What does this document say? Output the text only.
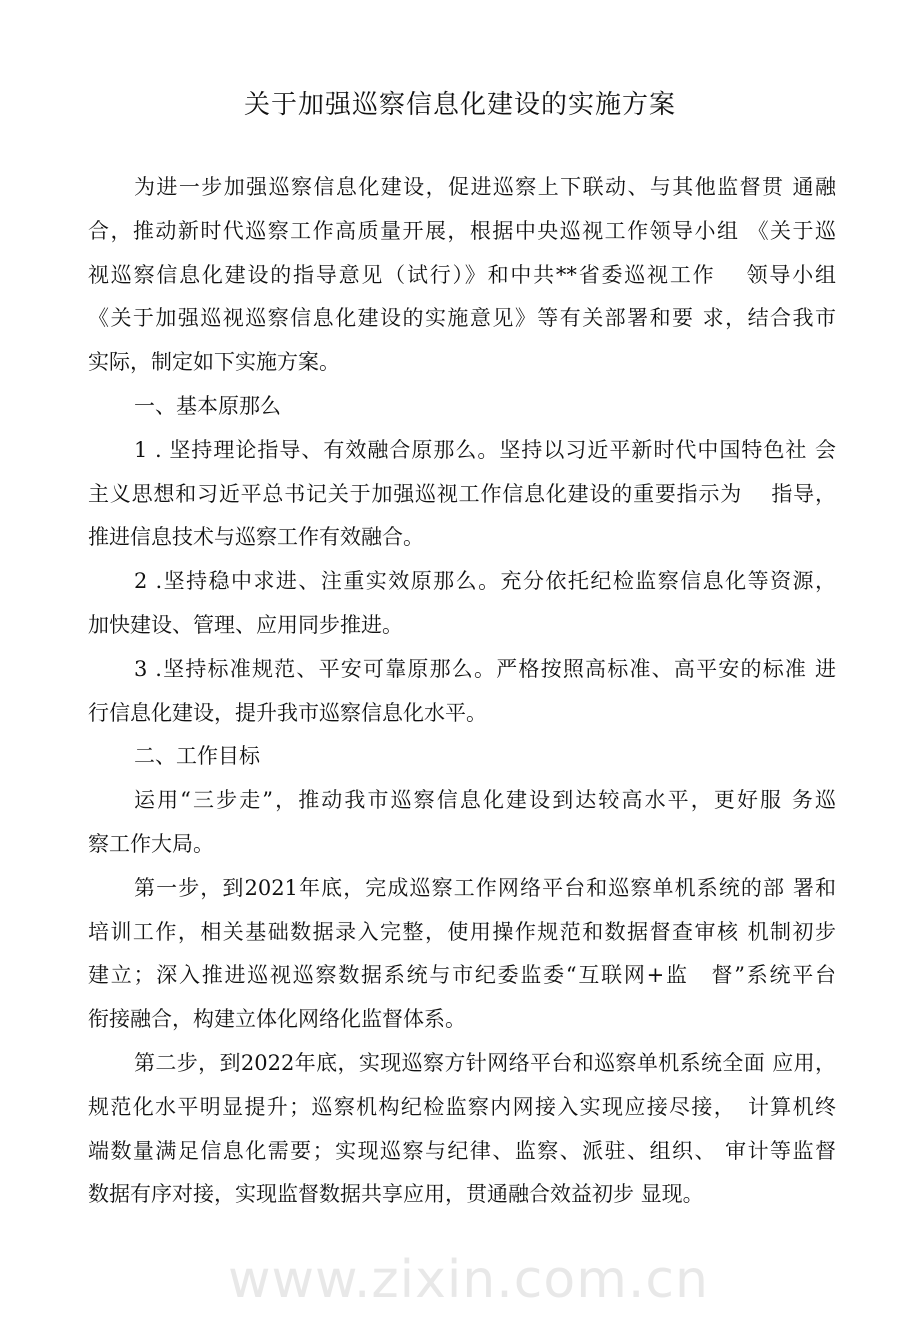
关于加强巡察信息化建设的实施方案
为进一步加强巡察信息化建设，促进巡察上下联动、与其他监督贯 通融
合，推动新时代巡察工作高质量开展，根据中央巡视工作领导小组 《关于巡
视巡察信息化建设的指导意见（试行）》和中共**省委巡视工作　 领导小组
《关于加强巡视巡察信息化建设的实施意见》等有关部署和要 求，结合我市
实际，制定如下实施方案。
一、基本原那么
1 . 坚持理论指导、有效融合原那么。坚持以习近平新时代中国特色社 会
主义思想和习近平总书记关于加强巡视工作信息化建设的重要指示为　 指导，
推进信息技术与巡察工作有效融合。
2 .坚持稳中求进、注重实效原那么。充分依托纪检监察信息化等资源，
加快建设、管理、应用同步推进。
3 .坚持标准规范、平安可靠原那么。严格按照高标准、高平安的标准 进
行信息化建设，提升我市巡察信息化水平。
二、工作目标
运用“三步走”，推动我市巡察信息化建设到达较高水平，更好服 务巡
察工作大局。
第一步，到2021年底，完成巡察工作网络平台和巡察单机系统的部 署和
培训工作，相关基础数据录入完整，使用操作规范和数据督查审核 机制初步
建立；深入推进巡视巡察数据系统与市纪委监委“互联网+监　督”系统平台
衔接融合，构建立体化网络化监督体系。
第二步，到2022年底，实现巡察方针网络平台和巡察单机系统全面 应用，
规范化水平明显提升；巡察机构纪检监察内网接入实现应接尽接，　计算机终
端数量满足信息化需要；实现巡察与纪律、监察、派驻、组织、 审计等监督
数据有序对接，实现监督数据共享应用，贯通融合效益初步 显现。
www.zixin.com.cn
